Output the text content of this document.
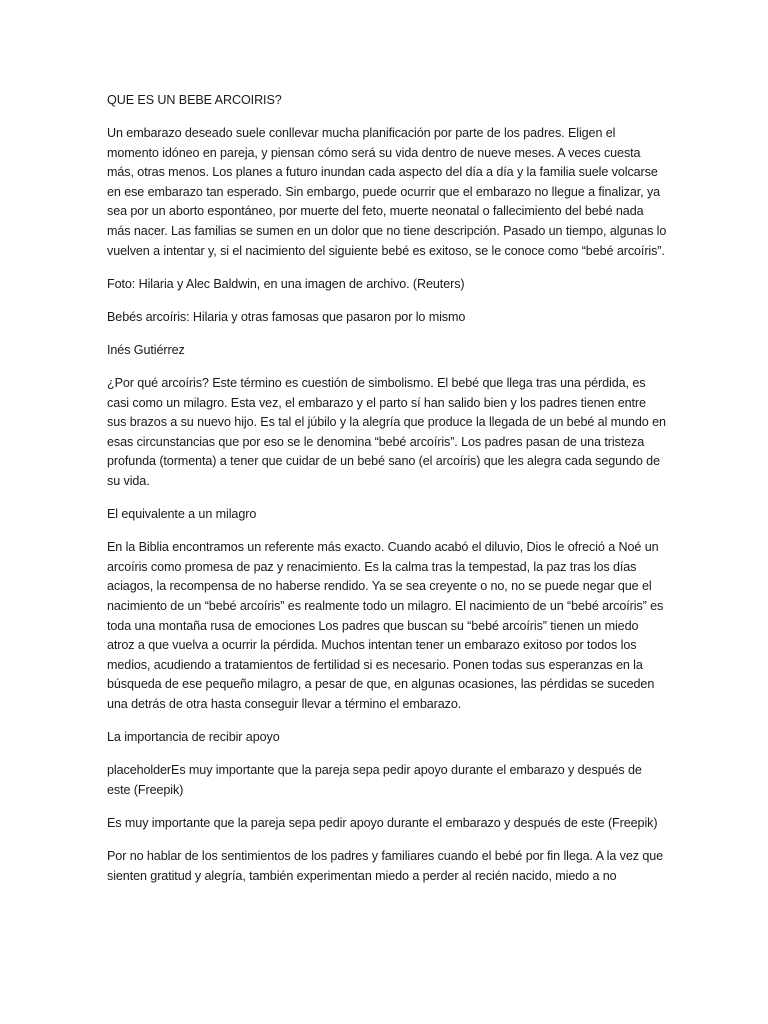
QUE ES UN BEBE ARCOIRIS?

Un embarazo deseado suele conllevar mucha planificación por parte de los padres. Eligen el momento idóneo en pareja, y piensan cómo será su vida dentro de nueve meses. A veces cuesta más, otras menos. Los planes a futuro inundan cada aspecto del día a día y la familia suele volcarse en ese embarazo tan esperado. Sin embargo, puede ocurrir que el embarazo no llegue a finalizar, ya sea por un aborto espontáneo, por muerte del feto, muerte neonatal o fallecimiento del bebé nada más nacer. Las familias se sumen en un dolor que no tiene descripción. Pasado un tiempo, algunas lo vuelven a intentar y, si el nacimiento del siguiente bebé es exitoso, se le conoce como “bebé arcoíris”.

Foto: Hilaria y Alec Baldwin, en una imagen de archivo. (Reuters)

Bebés arcoíris: Hilaria y otras famosas que pasaron por lo mismo

Inés Gutiérrez

¿Por qué arcoíris? Este término es cuestión de simbolismo. El bebé que llega tras una pérdida, es casi como un milagro. Esta vez, el embarazo y el parto sí han salido bien y los padres tienen entre sus brazos a su nuevo hijo. Es tal el júbilo y la alegría que produce la llegada de un bebé al mundo en esas circunstancias que por eso se le denomina “bebé arcoíris”. Los padres pasan de una tristeza profunda (tormenta) a tener que cuidar de un bebé sano (el arcoíris) que les alegra cada segundo de su vida.

El equivalente a un milagro

En la Biblia encontramos un referente más exacto. Cuando acabó el diluvio, Dios le ofreció a Noé un arcoíris como promesa de paz y renacimiento. Es la calma tras la tempestad, la paz tras los días aciagos, la recompensa de no haberse rendido. Ya se sea creyente o no, no se puede negar que el nacimiento de un “bebé arcoíris” es realmente todo un milagro. El nacimiento de un “bebé arcoíris” es toda una montaña rusa de emociones Los padres que buscan su “bebé arcoíris” tienen un miedo atroz a que vuelva a ocurrir la pérdida. Muchos intentan tener un embarazo exitoso por todos los medios, acudiendo a tratamientos de fertilidad si es necesario. Ponen todas sus esperanzas en la búsqueda de ese pequeño milagro, a pesar de que, en algunas ocasiones, las pérdidas se suceden una detrás de otra hasta conseguir llevar a término el embarazo.

La importancia de recibir apoyo

placeholderEs muy importante que la pareja sepa pedir apoyo durante el embarazo y después de este (Freepik)

Es muy importante que la pareja sepa pedir apoyo durante el embarazo y después de este (Freepik)

Por no hablar de los sentimientos de los padres y familiares cuando el bebé por fin llega. A la vez que sienten gratitud y alegría, también experimentan miedo a perder al recién nacido, miedo a no
